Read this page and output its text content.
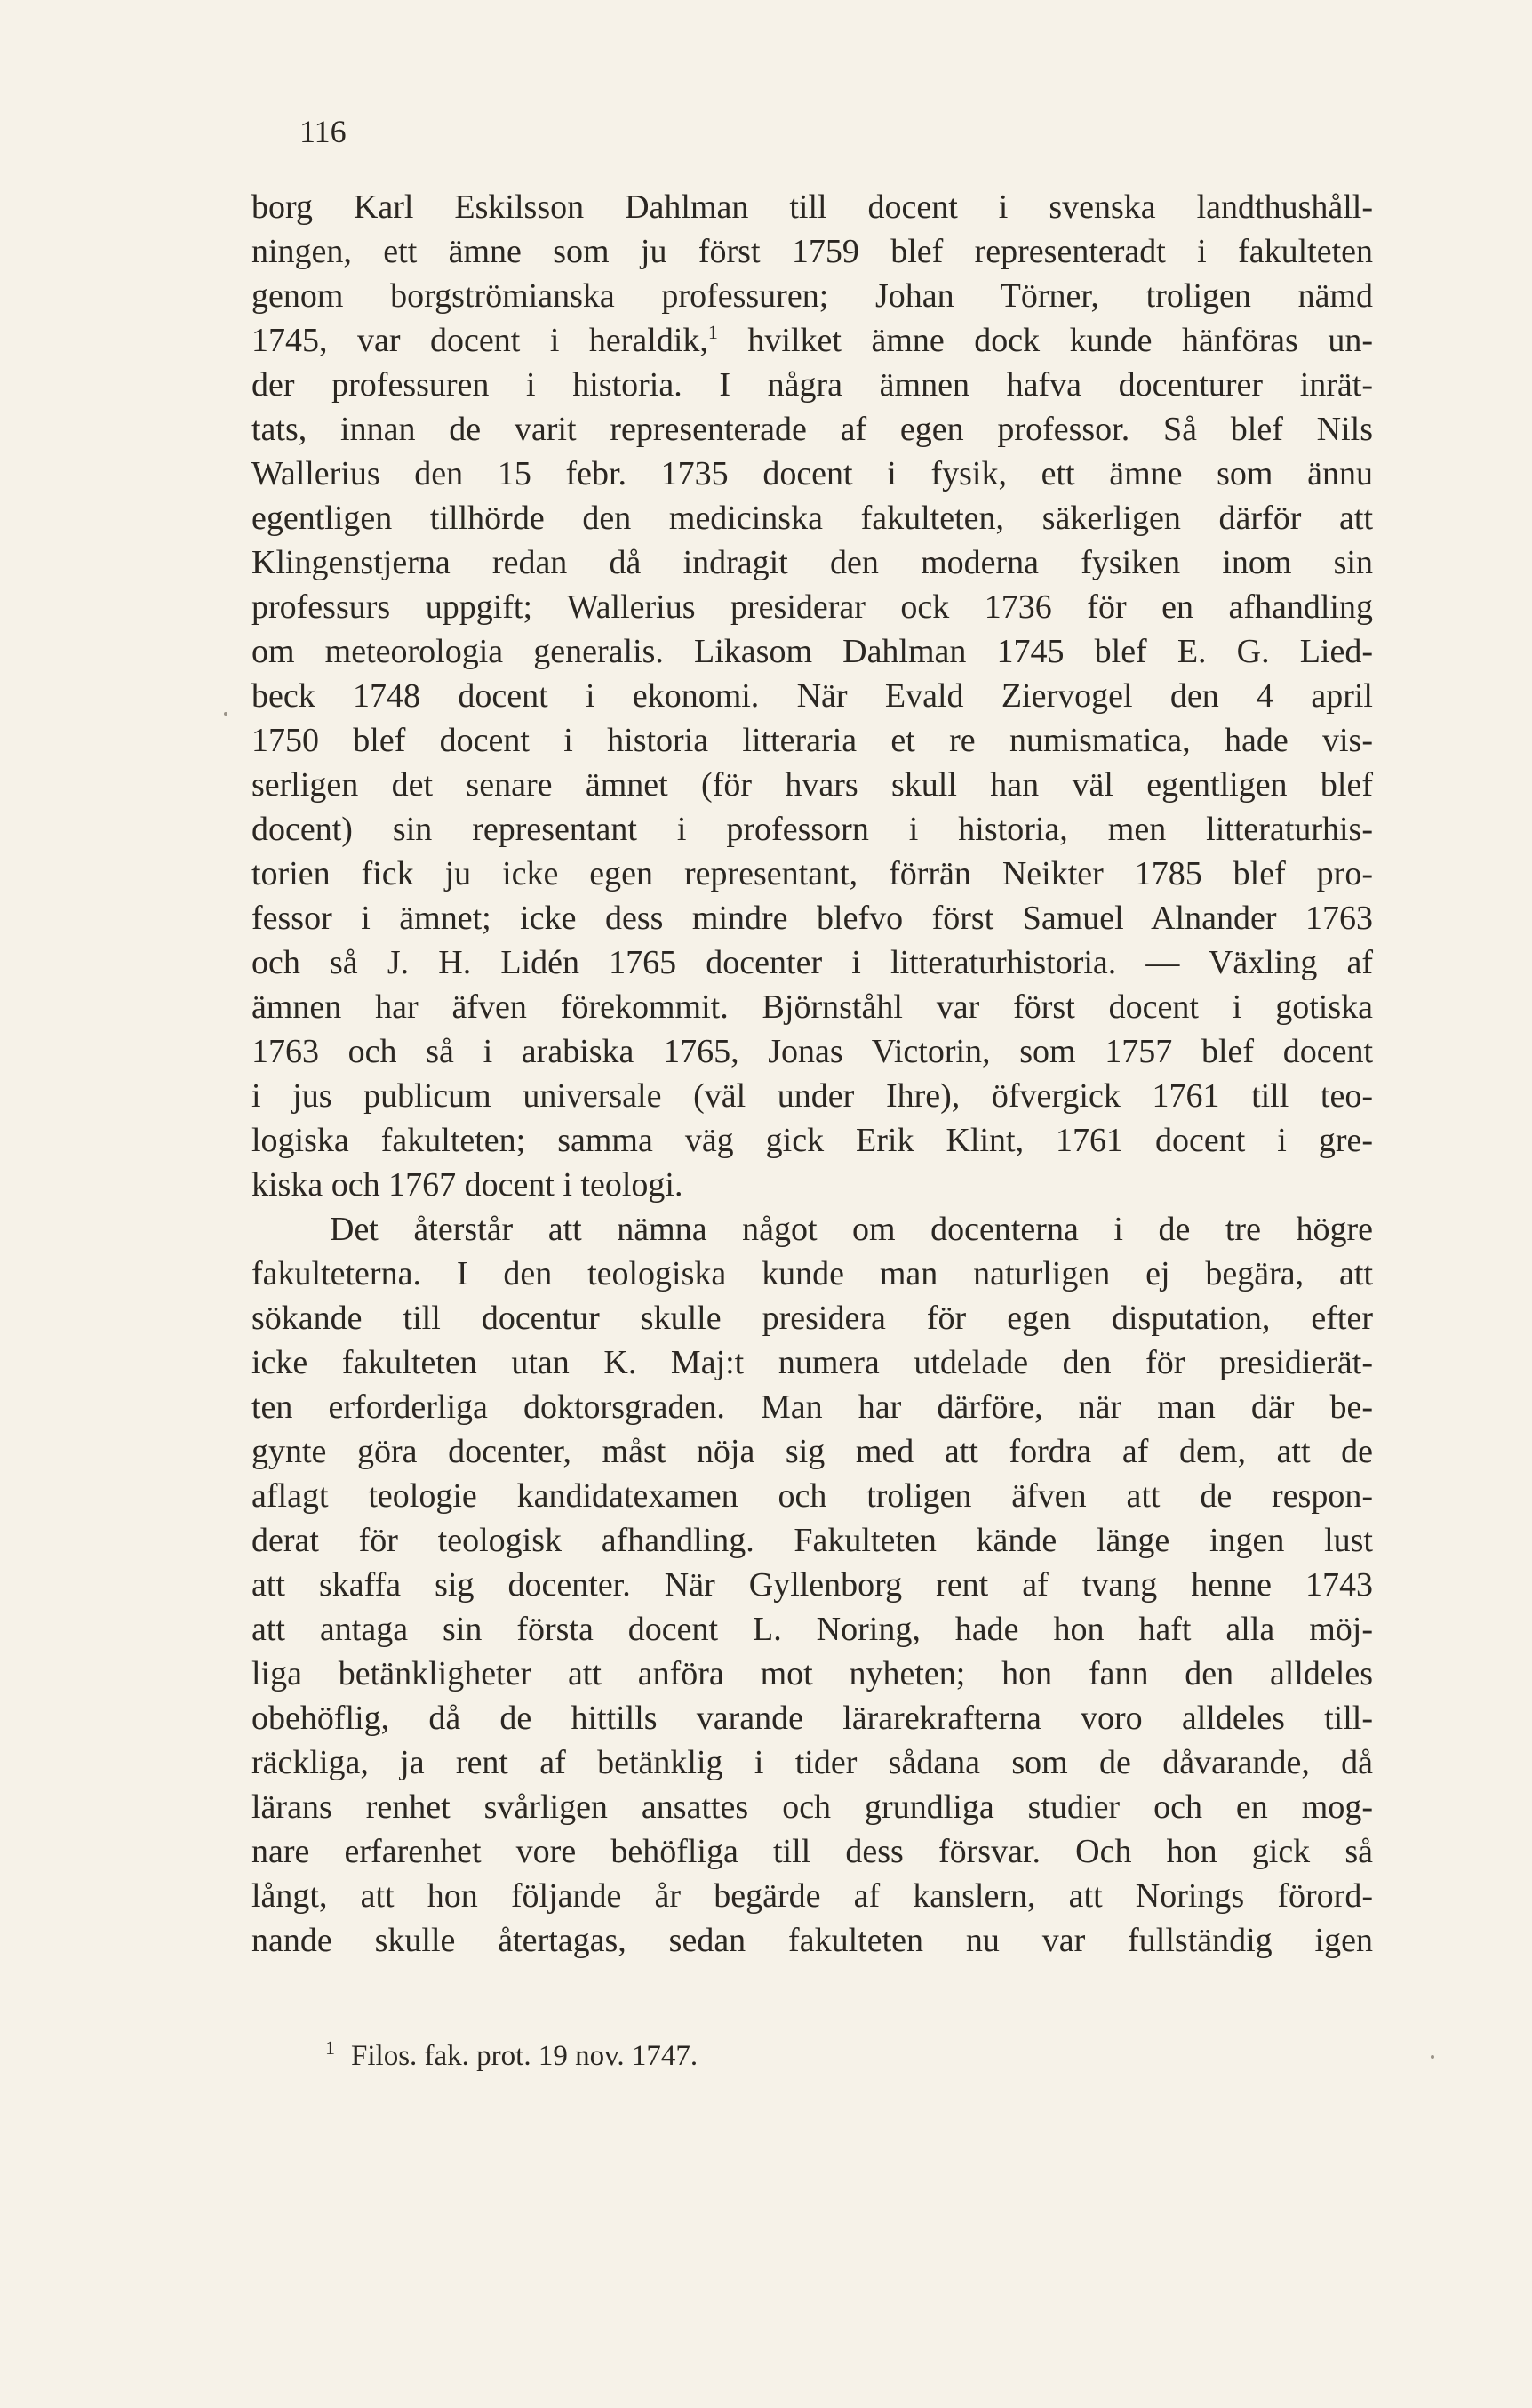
116
borg Karl Eskilsson Dahlman till docent i svenska landthushåll-
ningen, ett ämne som ju först 1759 blef representeradt i fakulteten
genom borgströmianska professuren; Johan Törner, troligen nämd
1745, var docent i heraldik,$^1$ hvilket ämne dock kunde hänföras un-
der professuren i historia. I några ämnen hafva docenturer inrät-
tats, innan de varit representerade af egen professor. Så blef Nils
Wallerius den 15 febr. 1735 docent i fysik, ett ämne som ännu
egentligen tillhörde den medicinska fakulteten, säkerligen därför att
Klingenstjerna redan då indragit den moderna fysiken inom sin
professurs uppgift; Wallerius presiderar ock 1736 för en afhandling
om meteorologia generalis. Likasom Dahlman 1745 blef E. G. Lied-
beck 1748 docent i ekonomi. När Evald Ziervogel den 4 april
1750 blef docent i historia litteraria et re numismatica, hade vis-
serligen det senare ämnet (för hvars skull han väl egentligen blef
docent) sin representant i professorn i historia, men litteraturhis-
torien fick ju icke egen representant, förrän Neikter 1785 blef pro-
fessor i ämnet; icke dess mindre blefvo först Samuel Alnander 1763
och så J. H. Lidén 1765 docenter i litteraturhistoria. — Växling af
ämnen har äfven förekommit. Björnståhl var först docent i gotiska
1763 och så i arabiska 1765, Jonas Victorin, som 1757 blef docent
i jus publicum universale (väl under Ihre), öfvergick 1761 till teo-
logiska fakulteten; samma väg gick Erik Klint, 1761 docent i gre-
kiska och 1767 docent i teologi.
Det återstår att nämna något om docenterna i de tre högre
fakulteterna. I den teologiska kunde man naturligen ej begära, att
sökande till docentur skulle presidera för egen disputation, efter
icke fakulteten utan K. Maj:t numera utdelade den för presidierät-
ten erforderliga doktorsgraden. Man har därföre, när man där be-
gynte göra docenter, måst nöja sig med att fordra af dem, att de
aflagt teologie kandidatexamen och troligen äfven att de respon-
derat för teologisk afhandling. Fakulteten kände länge ingen lust
att skaffa sig docenter. När Gyllenborg rent af tvang henne 1743
att antaga sin första docent L. Noring, hade hon haft alla möj-
liga betänkligheter att anföra mot nyheten; hon fann den alldeles
obehöflig, då de hittills varande lärarekrafterna voro alldeles till-
räckliga, ja rent af betänklig i tider sådana som de dåvarande, då
lärans renhet svårligen ansattes och grundliga studier och en mog-
nare erfarenhet vore behöfliga till dess försvar. Och hon gick så
långt, att hon följande år begärde af kanslern, att Norings förord-
nande skulle återtagas, sedan fakulteten nu var fullständig igen
$^1$ Filos. fak. prot. 19 nov. 1747.
